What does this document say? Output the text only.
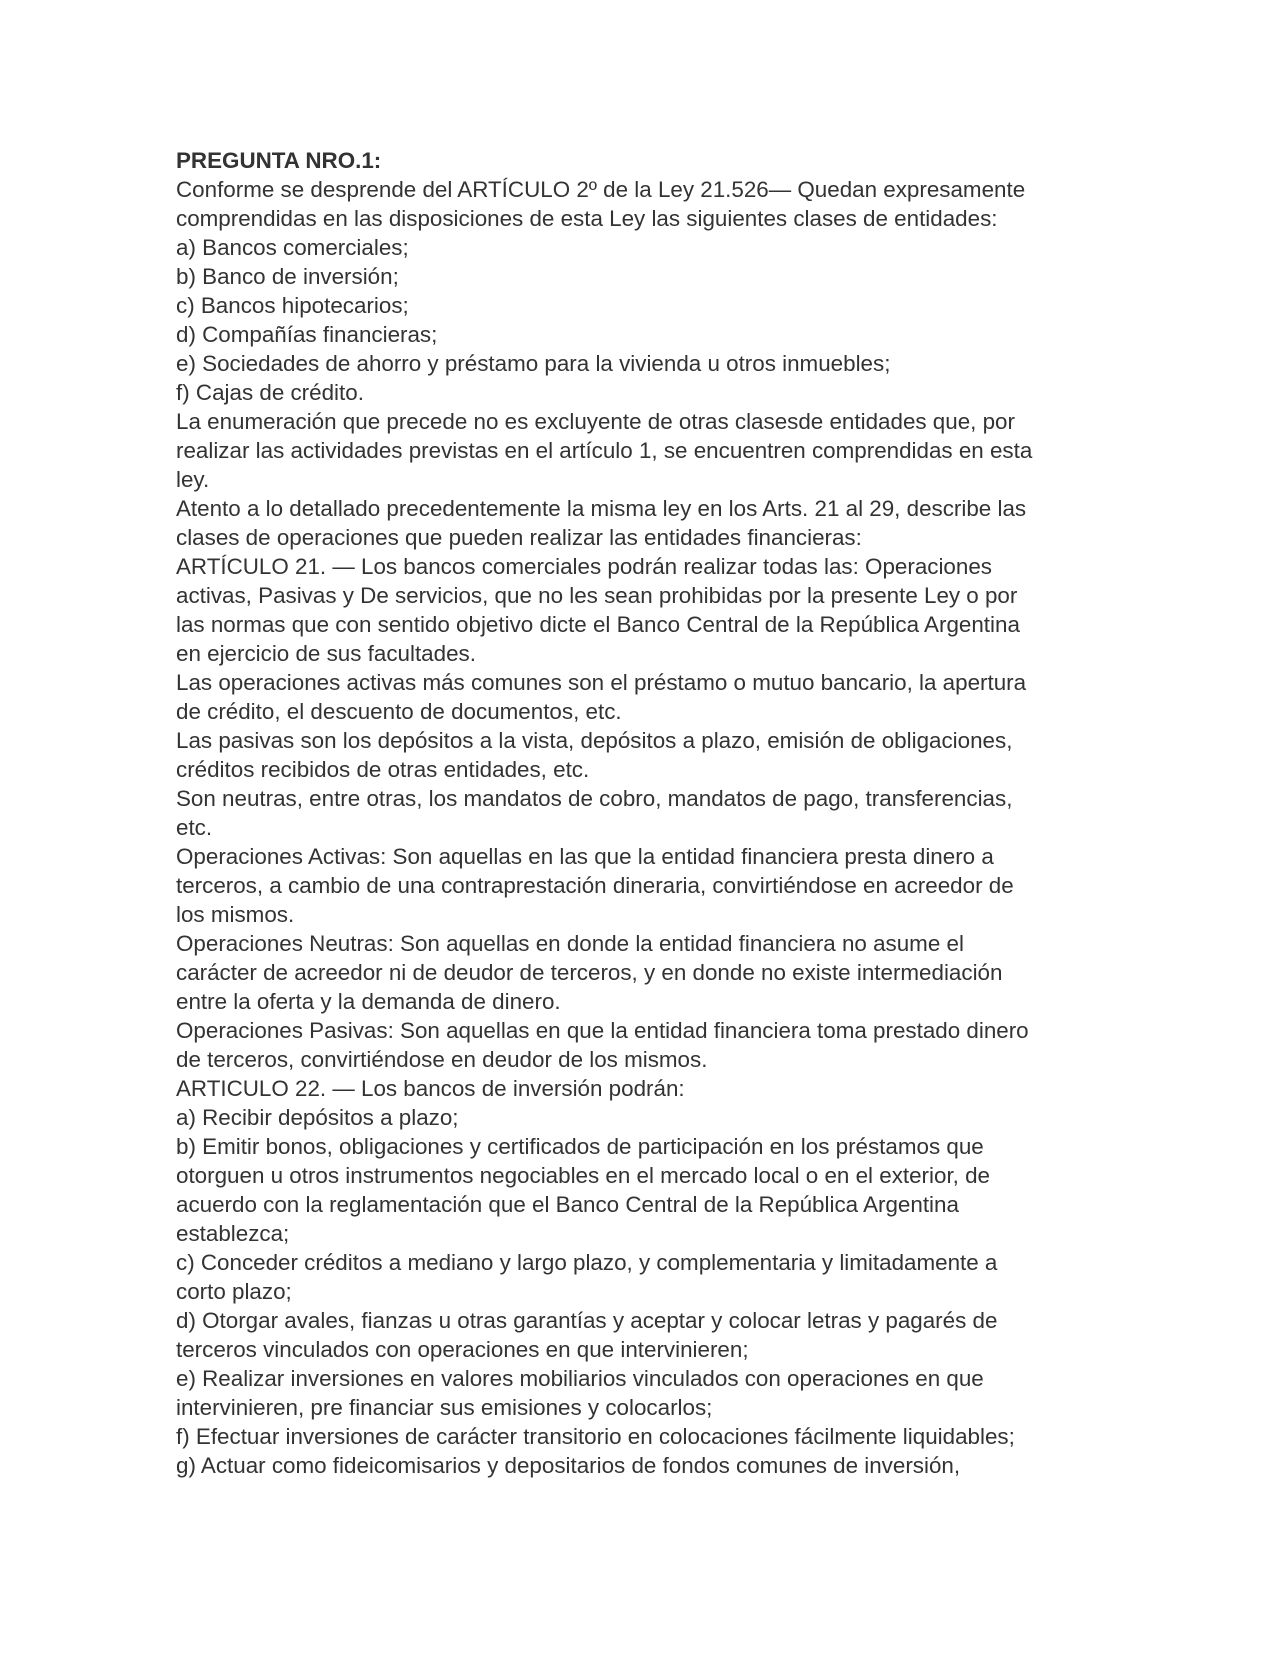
PREGUNTA NRO.1:
Conforme se desprende del ARTÍCULO 2º de la Ley 21.526— Quedan expresamente
comprendidas en las disposiciones de esta Ley las siguientes clases de entidades:
a) Bancos comerciales;
b) Banco de inversión;
c) Bancos hipotecarios;
d) Compañías financieras;
e) Sociedades de ahorro y préstamo para la vivienda u otros inmuebles;
f) Cajas de crédito.
La enumeración que precede no es excluyente de otras clasesde entidades que, por
realizar las actividades previstas en el artículo 1, se encuentren comprendidas en esta
ley.
Atento a lo detallado precedentemente la misma ley en los Arts. 21 al 29, describe las
clases de operaciones que pueden realizar las entidades financieras:
ARTÍCULO 21. — Los bancos comerciales podrán realizar todas las: Operaciones
activas, Pasivas y De servicios, que no les sean prohibidas por la presente Ley o por
las normas que con sentido objetivo dicte el Banco Central de la República Argentina
en ejercicio de sus facultades.
Las operaciones activas más comunes son el préstamo o mutuo bancario, la apertura
de crédito, el descuento de documentos, etc.
Las pasivas son los depósitos a la vista, depósitos a plazo, emisión de obligaciones,
créditos recibidos de otras entidades, etc.
Son neutras, entre otras, los mandatos de cobro, mandatos de pago, transferencias,
etc.
Operaciones Activas: Son aquellas en las que la entidad financiera presta dinero a
terceros, a cambio de una contraprestación dineraria, convirtiéndose en acreedor de
los mismos.
Operaciones Neutras: Son aquellas en donde la entidad financiera no asume el
carácter de acreedor ni de deudor de terceros, y en donde no existe intermediación
entre la oferta y la demanda de dinero.
Operaciones Pasivas: Son aquellas en que la entidad financiera toma prestado dinero
de terceros, convirtiéndose en deudor de los mismos.
ARTICULO 22. — Los bancos de inversión podrán:
a) Recibir depósitos a plazo;
b) Emitir bonos, obligaciones y certificados de participación en los préstamos que
otorguen u otros instrumentos negociables en el mercado local o en el exterior, de
acuerdo con la reglamentación que el Banco Central de la República Argentina
establezca;
c) Conceder créditos a mediano y largo plazo, y complementaria y limitadamente a
corto plazo;
d) Otorgar avales, fianzas u otras garantías y aceptar y colocar letras y pagarés de
terceros vinculados con operaciones en que intervinieren;
e) Realizar inversiones en valores mobiliarios vinculados con operaciones en que
intervinieren, pre financiar sus emisiones y colocarlos;
f) Efectuar inversiones de carácter transitorio en colocaciones fácilmente liquidables;
g) Actuar como fideicomisarios y depositarios de fondos comunes de inversión,
